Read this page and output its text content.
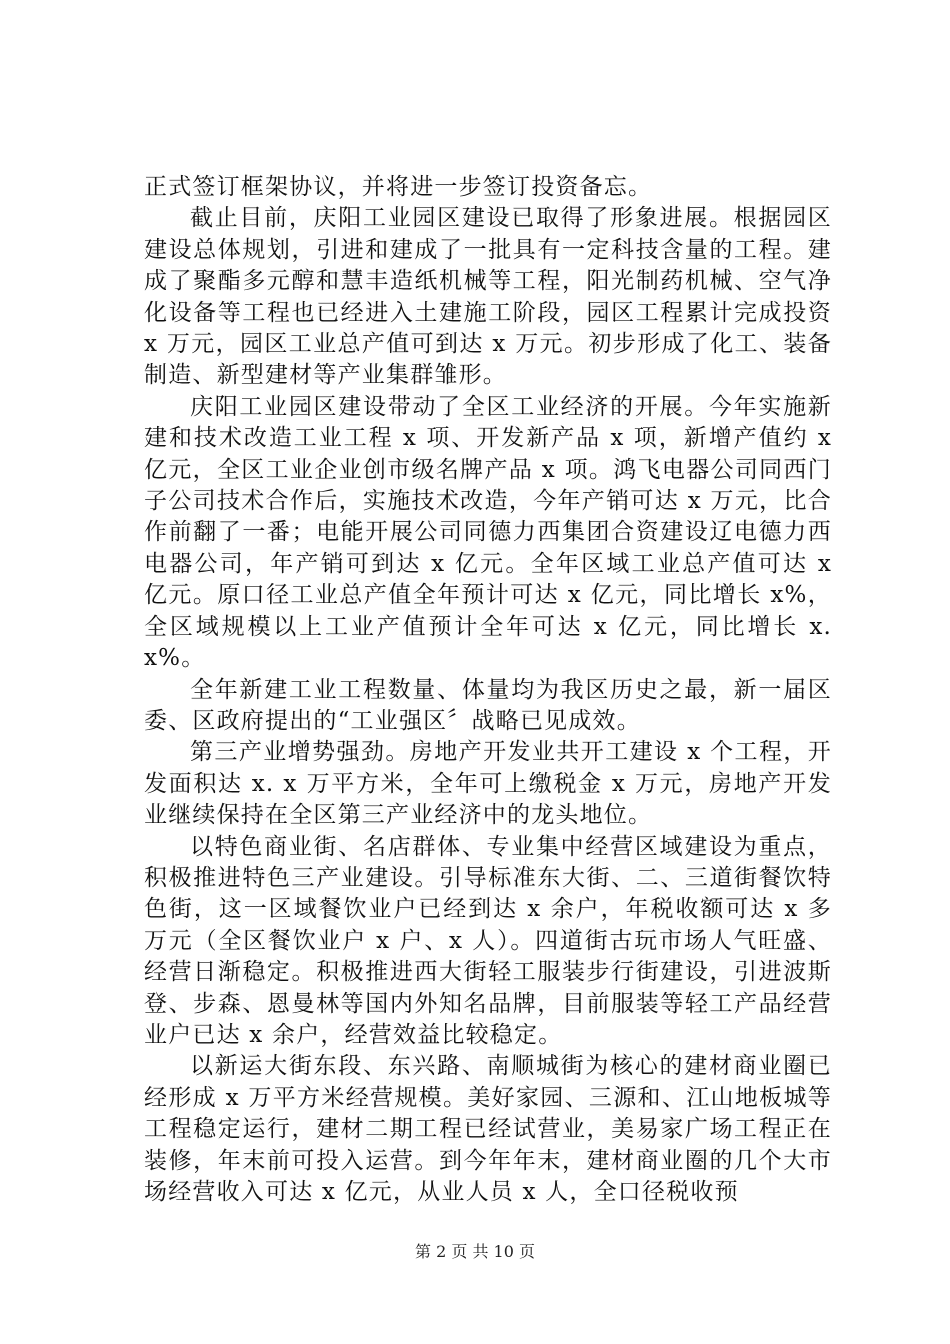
正式签订框架协议，并将进一步签订投资备忘。

截止目前，庆阳工业园区建设已取得了形象进展。根据园区建设总体规划，引进和建成了一批具有一定科技含量的工程。建成了聚酯多元醇和慧丰造纸机械等工程，阳光制药机械、空气净化设备等工程也已经进入土建施工阶段，园区工程累计完成投资 x 万元，园区工业总产值可到达 x 万元。初步形成了化工、装备制造、新型建材等产业集群雏形。

庆阳工业园区建设带动了全区工业经济的开展。今年实施新建和技术改造工业工程 x 项、开发新产品 x 项，新增产值约 x 亿元，全区工业企业创市级名牌产品 x 项。鸿飞电器公司同西门子公司技术合作后，实施技术改造，今年产销可达 x 万元，比合作前翻了一番；电能开展公司同德力西集团合资建设辽电德力西电器公司，年产销可到达 x 亿元。全年区域工业总产值可达 x 亿元。原口径工业总产值全年预计可达 x 亿元，同比增长 x%，全区域规模以上工业产值预计全年可达 x 亿元，同比增长 x. x%。

全年新建工业工程数量、体量均为我区历史之最，新一届区委、区政府提出的“工业强区〞战略已见成效。

第三产业增势强劲。房地产开发业共开工建设 x 个工程，开发面积达 x. x 万平方米，全年可上缴税金 x 万元，房地产开发业继续保持在全区第三产业经济中的龙头地位。

以特色商业街、名店群体、专业集中经营区域建设为重点，积极推进特色三产业建设。引导标准东大街、二、三道街餐饮特色街，这一区域餐饮业户已经到达 x 余户，年税收额可达 x 多万元（全区餐饮业户 x 户、x 人）。四道街古玩市场人气旺盛、经营日渐稳定。积极推进西大街轻工服装步行街建设，引进波斯登、步森、恩曼林等国内外知名品牌，目前服装等轻工产品经营业户已达 x 余户，经营效益比较稳定。

以新运大街东段、东兴路、南顺城街为核心的建材商业圈已经形成 x 万平方米经营规模。美好家园、三源和、江山地板城等工程稳定运行，建材二期工程已经试营业，美易家广场工程正在装修，年末前可投入运营。到今年年末，建材商业圈的几个大市场经营收入可达 x 亿元，从业人员 x 人，全口径税收预

第 2 页 共 10 页
